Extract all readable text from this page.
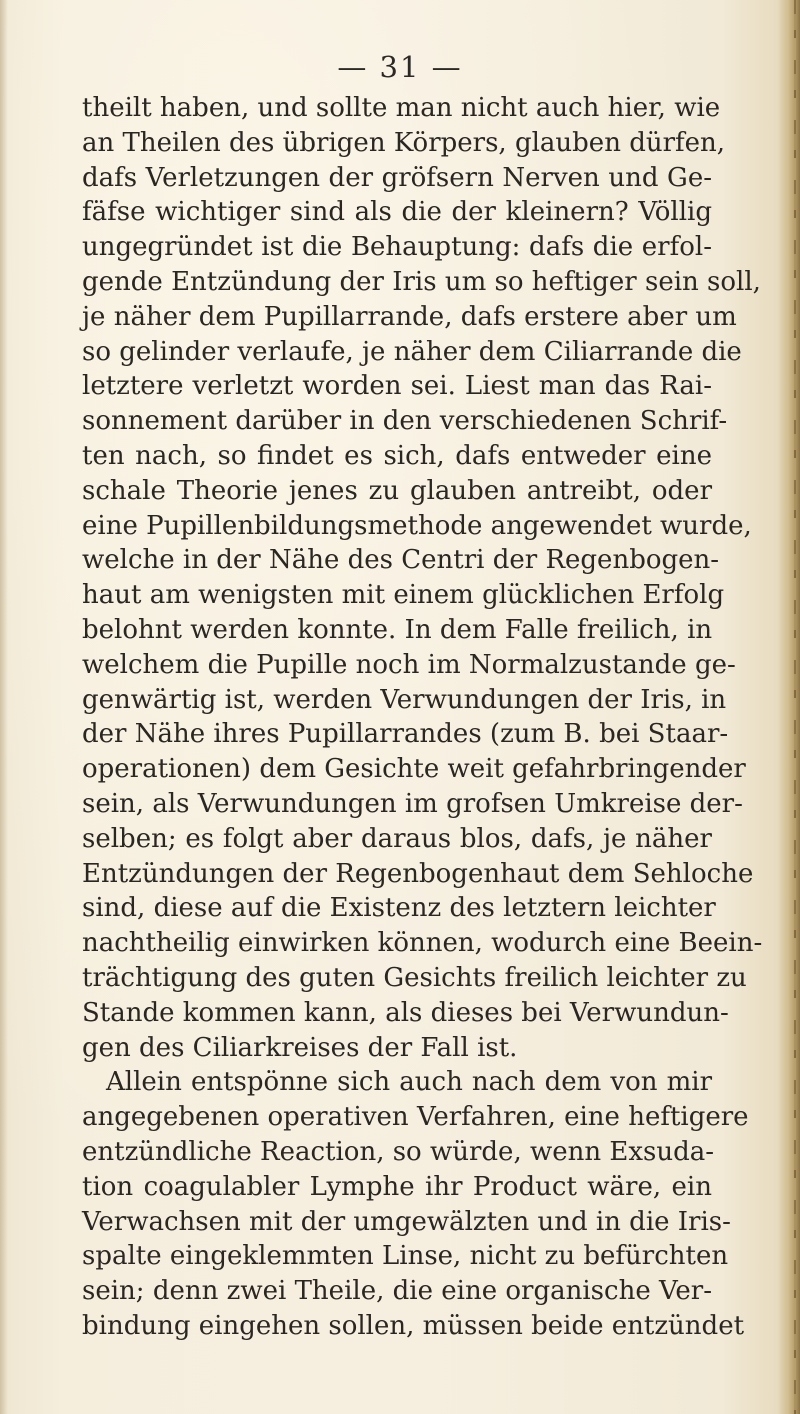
— 31 —
theilt haben, und sollte man nicht auch hier, wie
an Theilen des übrigen Körpers, glauben dürfen,
dafs Verletzungen der gröfsern Nerven und Ge-
fäfse wichtiger sind als die der kleinern? Völlig
ungegründet ist die Behauptung: dafs die erfol-
gende Entzündung der Iris um so heftiger sein soll,
je näher dem Pupillarrande, dafs erstere aber um
so gelinder verlaufe, je näher dem Ciliarrande die
letztere verletzt worden sei. Liest man das Rai-
sonnement darüber in den verschiedenen Schrif-
ten nach, so findet es sich, dafs entweder eine
schale Theorie jenes zu glauben antreibt, oder
eine Pupillenbildungsmethode angewendet wurde,
welche in der Nähe des Centri der Regenbogen-
haut am wenigsten mit einem glücklichen Erfolg
belohnt werden konnte. In dem Falle freilich, in
welchem die Pupille noch im Normalzustande ge-
genwärtig ist, werden Verwundungen der Iris, in
der Nähe ihres Pupillarrandes (zum B. bei Staar-
operationen) dem Gesichte weit gefahrbringender
sein, als Verwundungen im grofsen Umkreise der-
selben; es folgt aber daraus blos, dafs, je näher
Entzündungen der Regenbogenhaut dem Sehloche
sind, diese auf die Existenz des letztern leichter
nachtheilig einwirken können, wodurch eine Beein-
trächtigung des guten Gesichts freilich leichter zu
Stande kommen kann, als dieses bei Verwundun-
gen des Ciliarkreises der Fall ist.
Allein entspönne sich auch nach dem von mir
angegebenen operativen Verfahren, eine heftigere
entzündliche Reaction, so würde, wenn Exsuda-
tion coagulabler Lymphe ihr Product wäre, ein
Verwachsen mit der umgewälzten und in die Iris-
spalte eingeklemmten Linse, nicht zu befürchten
sein; denn zwei Theile, die eine organische Ver-
bindung eingehen sollen, müssen beide entzündet
